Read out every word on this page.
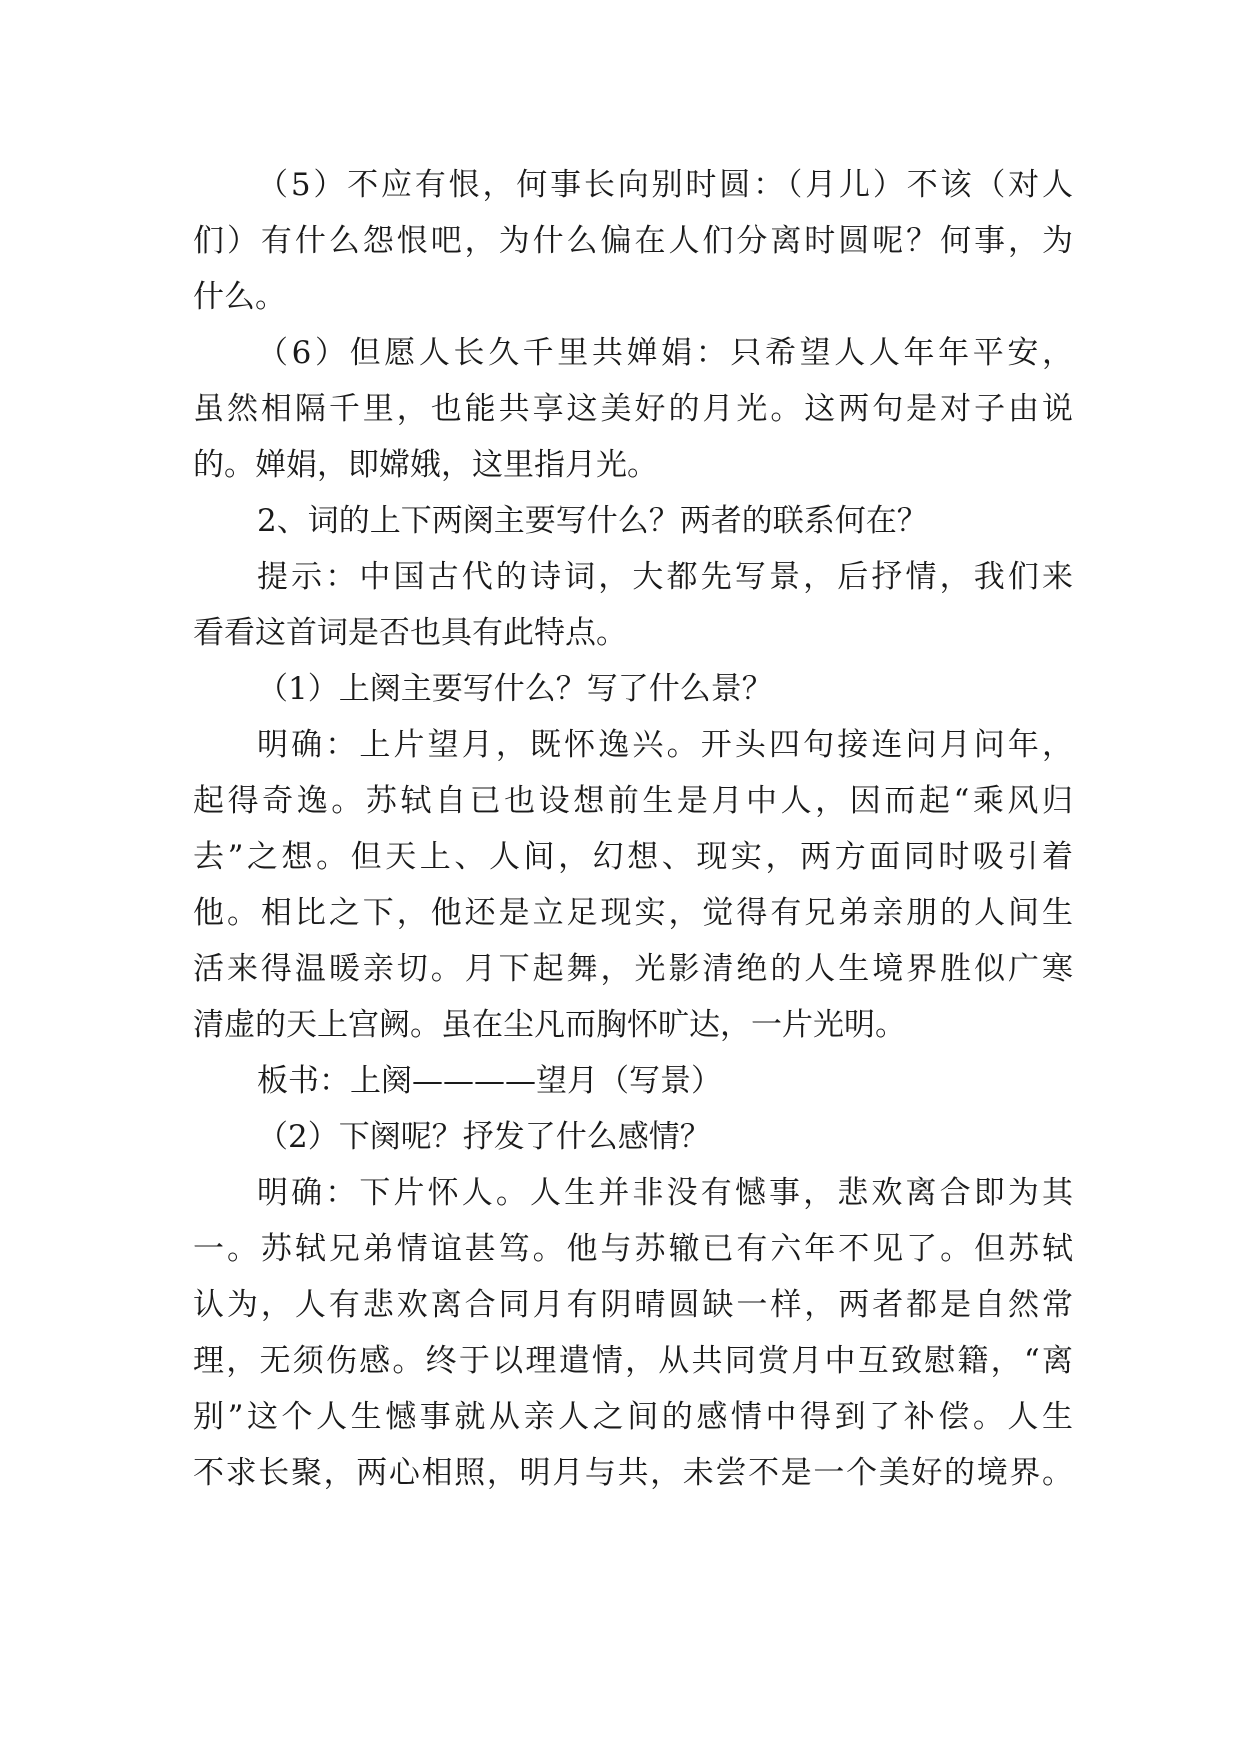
（5）不应有恨，何事长向别时圆：（月儿）不该（对人
们）有什么怨恨吧，为什么偏在人们分离时圆呢？何事，为
什么。
（6）但愿人长久千里共婵娟：只希望人人年年平安，
虽然相隔千里，也能共享这美好的月光。这两句是对子由说
的。婵娟，即嫦娥，这里指月光。
2、词的上下两阕主要写什么？两者的联系何在？
提示：中国古代的诗词，大都先写景，后抒情，我们来
看看这首词是否也具有此特点。
（1）上阕主要写什么？写了什么景？
明确：上片望月，既怀逸兴。开头四句接连问月问年，
起得奇逸。苏轼自已也设想前生是月中人，因而起“乘风归
去”之想。但天上、人间，幻想、现实，两方面同时吸引着
他。相比之下，他还是立足现实，觉得有兄弟亲朋的人间生
活来得温暖亲切。月下起舞，光影清绝的人生境界胜似广寒
清虚的天上宫阙。虽在尘凡而胸怀旷达，一片光明。
板书：上阕————望月（写景）
（2）下阕呢？抒发了什么感情？
明确：下片怀人。人生并非没有憾事，悲欢离合即为其
一。苏轼兄弟情谊甚笃。他与苏辙已有六年不见了。但苏轼
认为，人有悲欢离合同月有阴晴圆缺一样，两者都是自然常
理，无须伤感。终于以理遣情，从共同赏月中互致慰籍，“离
别”这个人生憾事就从亲人之间的感情中得到了补偿。人生
不求长聚，两心相照，明月与共，未尝不是一个美好的境界。
